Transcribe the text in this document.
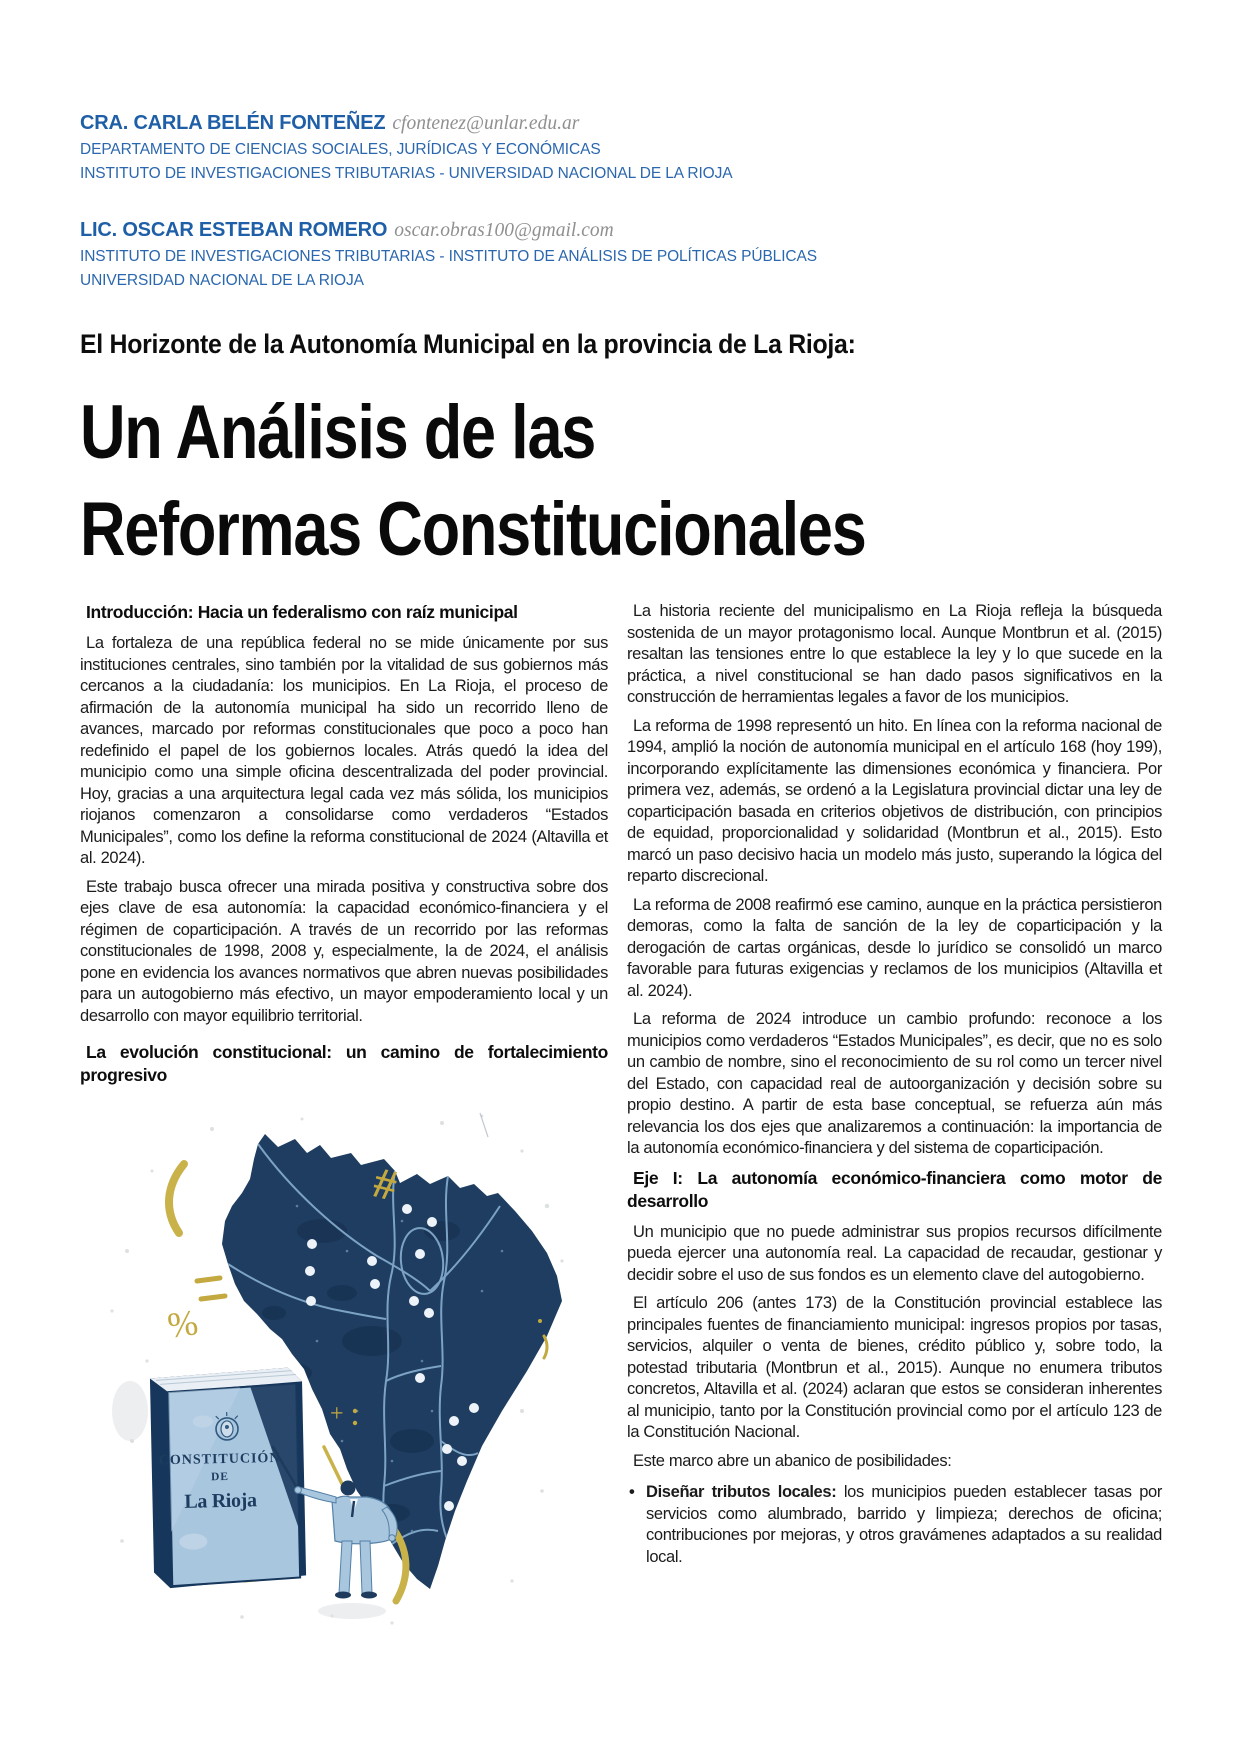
CRA. CARLA BELÉN FONTEÑEZ cfontenez@unlar.edu.ar
DEPARTAMENTO DE CIENCIAS SOCIALES, JURÍDICAS Y ECONÓMICAS
INSTITUTO DE INVESTIGACIONES TRIBUTARIAS - UNIVERSIDAD NACIONAL DE LA RIOJA
LIC. OSCAR ESTEBAN ROMERO oscar.obras100@gmail.com
INSTITUTO DE INVESTIGACIONES TRIBUTARIAS - INSTITUTO DE ANÁLISIS DE POLÍTICAS PÚBLICAS
UNIVERSIDAD NACIONAL DE LA RIOJA
El Horizonte de la Autonomía Municipal en la provincia de La Rioja:
Un Análisis de las
Reformas Constitucionales
Introducción: Hacia un federalismo con raíz municipal

La fortaleza de una república federal no se mide únicamente por sus instituciones centrales, sino también por la vitalidad de sus gobiernos más cercanos a la ciudadanía: los municipios. En La Rioja, el proceso de afirmación de la autonomía municipal ha sido un recorrido lleno de avances, marcado por reformas constitucionales que poco a poco han redefinido el papel de los gobiernos locales. Atrás quedó la idea del municipio como una simple oficina descentralizada del poder provincial. Hoy, gracias a una arquitectura legal cada vez más sólida, los municipios riojanos comenzaron a consolidarse como verdaderos “Estados Municipales”, como los define la reforma constitucional de 2024 (Altavilla et al. 2024).

Este trabajo busca ofrecer una mirada positiva y constructiva sobre dos ejes clave de esa autonomía: la capacidad económico-financiera y el régimen de coparticipación. A través de un recorrido por las reformas constitucionales de 1998, 2008 y, especialmente, la de 2024, el análisis pone en evidencia los avances normativos que abren nuevas posibilidades para un autogobierno más efectivo, un mayor empoderamiento local y un desarrollo con mayor equilibrio territorial.

La evolución constitucional: un camino de fortalecimiento progresivo
#
%
+
CONSTITUCIÓN
DE
La Rioja

La historia reciente del municipalismo en La Rioja refleja la búsqueda sostenida de un mayor protagonismo local. Aunque Montbrun et al. (2015) resaltan las tensiones entre lo que establece la ley y lo que sucede en la práctica, a nivel constitucional se han dado pasos significativos en la construcción de herramientas legales a favor de los municipios.

La reforma de 1998 representó un hito. En línea con la reforma nacional de 1994, amplió la noción de autonomía municipal en el artículo 168 (hoy 199), incorporando explícitamente las dimensiones económica y financiera. Por primera vez, además, se ordenó a la Legislatura provincial dictar una ley de coparticipación basada en criterios objetivos de distribución, con principios de equidad, proporcionalidad y solidaridad (Montbrun et al., 2015). Esto marcó un paso decisivo hacia un modelo más justo, superando la lógica del reparto discrecional.

La reforma de 2008 reafirmó ese camino, aunque en la práctica persistieron demoras, como la falta de sanción de la ley de coparticipación y la derogación de cartas orgánicas, desde lo jurídico se consolidó un marco favorable para futuras exigencias y reclamos de los municipios (Altavilla et al. 2024).

La reforma de 2024 introduce un cambio profundo: reconoce a los municipios como verdaderos “Estados Municipales”, es decir, que no es solo un cambio de nombre, sino el reconocimiento de su rol como un tercer nivel del Estado, con capacidad real de autoorganización y decisión sobre su propio destino. A partir de esta base conceptual, se refuerza aún más relevancia los dos ejes que analizaremos a continuación: la importancia de la autonomía económico-financiera y del sistema de coparticipación.

Eje I: La autonomía económico-financiera como motor de desarrollo

Un municipio que no puede administrar sus propios recursos difícilmente pueda ejercer una autonomía real. La capacidad de recaudar, gestionar y decidir sobre el uso de sus fondos es un elemento clave del autogobierno.

El artículo 206 (antes 173) de la Constitución provincial establece las principales fuentes de financiamiento municipal: ingresos propios por tasas, servicios, alquiler o venta de bienes, crédito público y, sobre todo, la potestad tributaria (Montbrun et al., 2015). Aunque no enumera tributos concretos, Altavilla et al. (2024) aclaran que estos se consideran inherentes al municipio, tanto por la Constitución provincial como por el artículo 123 de la Constitución Nacional.

Este marco abre un abanico de posibilidades:

• Diseñar tributos locales: los municipios pueden establecer tasas por servicios como alumbrado, barrido y limpieza; derechos de oficina; contribuciones por mejoras, y otros gravámenes adaptados a su realidad local.
